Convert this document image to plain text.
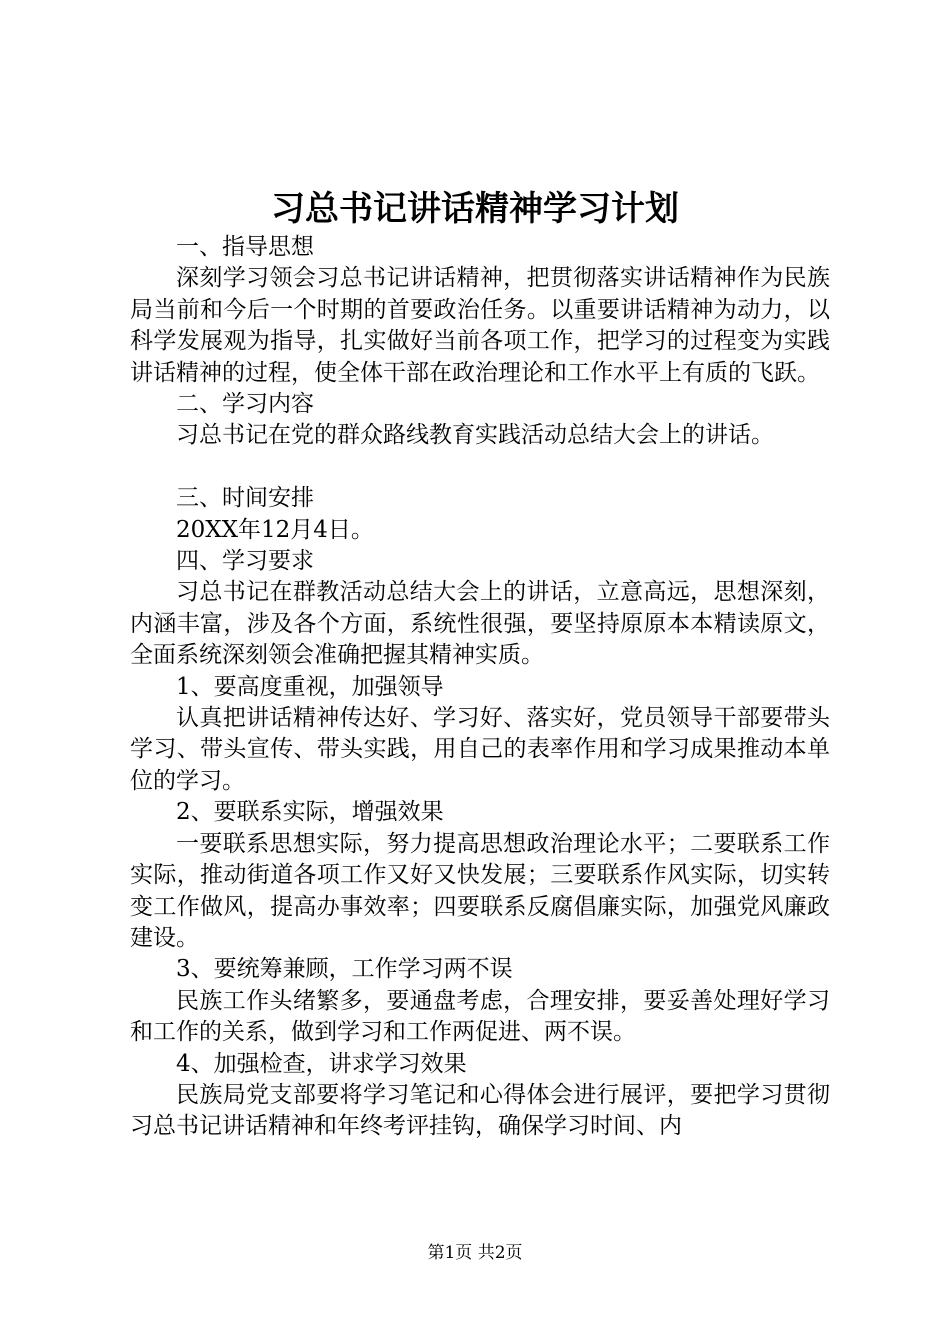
习总书记讲话精神学习计划

一、指导思想

深刻学习领会习总书记讲话精神，把贯彻落实讲话精神作为民族局当前和今后一个时期的首要政治任务。以重要讲话精神为动力，以科学发展观为指导，扎实做好当前各项工作，把学习的过程变为实践讲话精神的过程，使全体干部在政治理论和工作水平上有质的飞跃。

二、学习内容

习总书记在党的群众路线教育实践活动总结大会上的讲话。

三、时间安排

20XX年12月4日。

四、学习要求

习总书记在群教活动总结大会上的讲话，立意高远，思想深刻，内涵丰富，涉及各个方面，系统性很强，要坚持原原本本精读原文，全面系统深刻领会准确把握其精神实质。

1、要高度重视，加强领导

认真把讲话精神传达好、学习好、落实好，党员领导干部要带头学习、带头宣传、带头实践，用自己的表率作用和学习成果推动本单位的学习。

2、要联系实际，增强效果

一要联系思想实际，努力提高思想政治理论水平；二要联系工作实际，推动街道各项工作又好又快发展；三要联系作风实际，切实转变工作做风，提高办事效率；四要联系反腐倡廉实际，加强党风廉政建设。

3、要统筹兼顾，工作学习两不误

民族工作头绪繁多，要通盘考虑，合理安排，要妥善处理好学习和工作的关系，做到学习和工作两促进、两不误。

4、加强检查，讲求学习效果

民族局党支部要将学习笔记和心得体会进行展评，要把学习贯彻习总书记讲话精神和年终考评挂钩，确保学习时间、内

第1页 共2页
